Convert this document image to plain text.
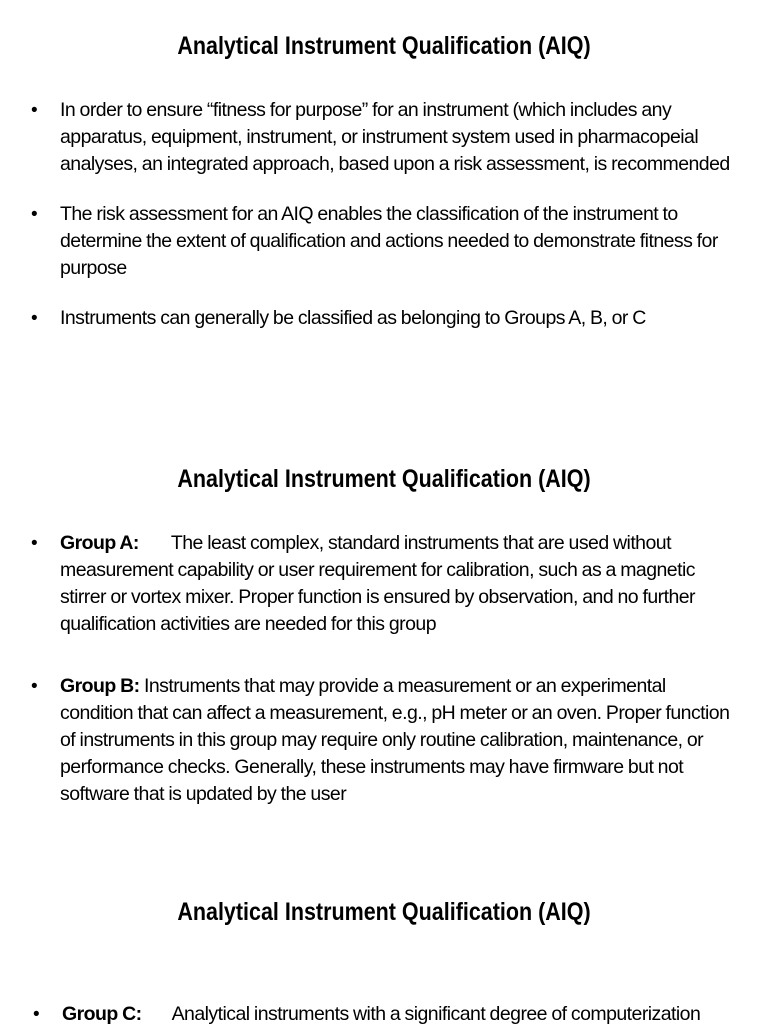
Analytical Instrument Qualification (AIQ)
• In order to ensure “fitness for purpose” for an instrument (which includes any apparatus, equipment, instrument, or instrument system used in pharmacopeial analyses, an integrated approach, based upon a risk assessment, is recommended
• The risk assessment for an AIQ enables the classification of the instrument to determine the extent of qualification and actions needed to demonstrate fitness for purpose
• Instruments can generally be classified as belonging to Groups A, B, or C
Analytical Instrument Qualification (AIQ)
• Group A: The least complex, standard instruments that are used without measurement capability or user requirement for calibration, such as a magnetic stirrer or vortex mixer. Proper function is ensured by observation, and no further qualification activities are needed for this group
• Group B: Instruments that may provide a measurement or an experimental condition that can affect a measurement, e.g., pH meter or an oven. Proper function of instruments in this group may require only routine calibration, maintenance, or performance checks. Generally, these instruments may have firmware but not software that is updated by the user
Analytical Instrument Qualification (AIQ)
• Group C: Analytical instruments with a significant degree of computerization
